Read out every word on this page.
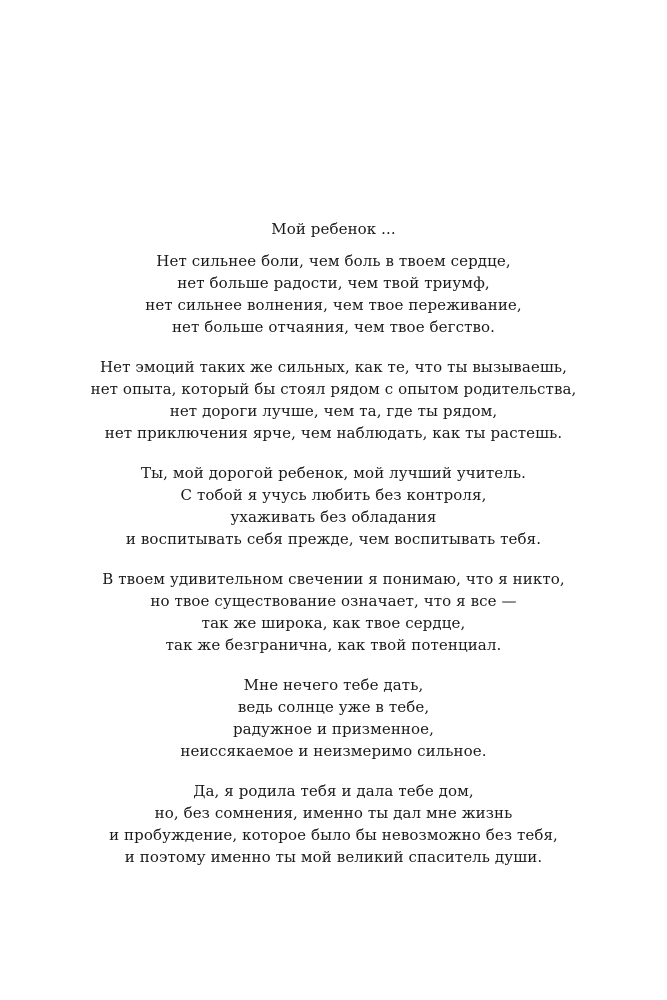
Мой ребенок ...
Нет сильнее боли, чем боль в твоем сердце,
нет больше радости, чем твой триумф,
нет сильнее волнения, чем твое переживание,
нет больше отчаяния, чем твое бегство.
Нет эмоций таких же сильных, как те, что ты вызываешь,
нет опыта, который бы стоял рядом с опытом родительства,
нет дороги лучше, чем та, где ты рядом,
нет приключения ярче, чем наблюдать, как ты растешь.
Ты, мой дорогой ребенок, мой лучший учитель.
С тобой я учусь любить без контроля,
ухаживать без обладания
и воспитывать себя прежде, чем воспитывать тебя.
В твоем удивительном свечении я понимаю, что я никто,
но твое существование означает, что я все —
так же широка, как твое сердце,
так же безгранична, как твой потенциал.
Мне нечего тебе дать,
ведь солнце уже в тебе,
радужное и призменное,
неиссякаемое и неизмеримо сильное.
Да, я родила тебя и дала тебе дом,
но, без сомнения, именно ты дал мне жизнь
и пробуждение, которое было бы невозможно без тебя,
и поэтому именно ты мой великий спаситель души.
